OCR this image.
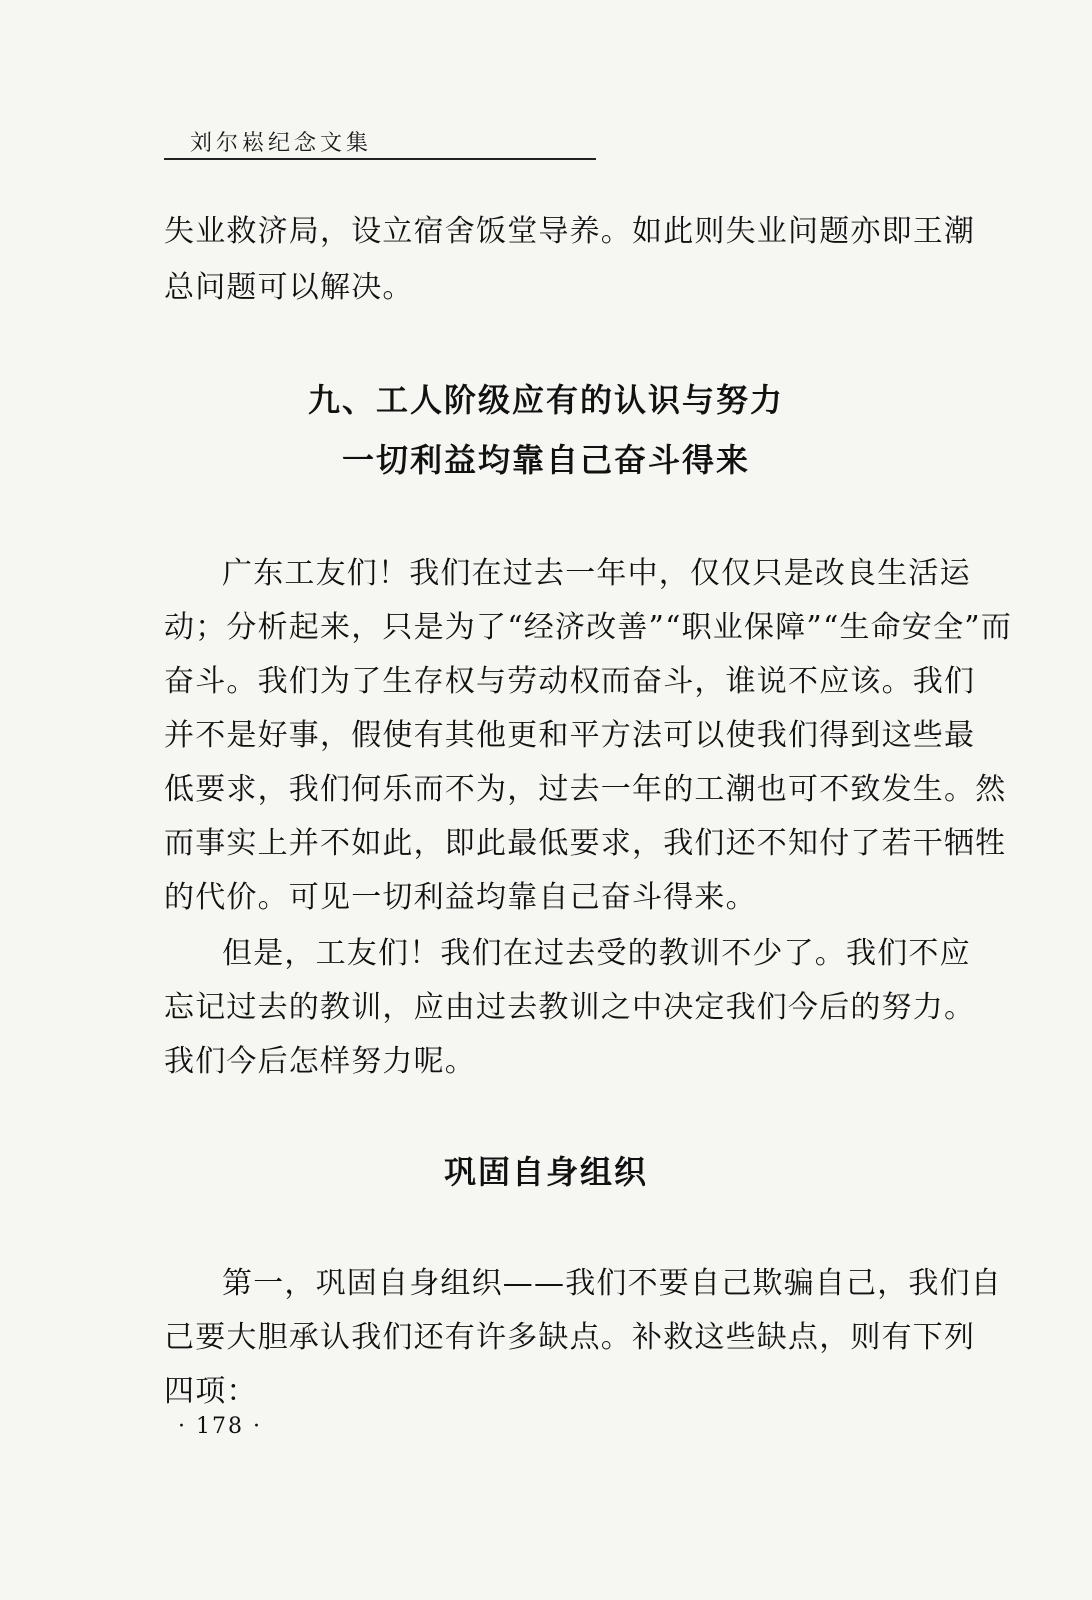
刘尔崧纪念文集
失业救济局，设立宿舍饭堂导养。如此则失业问题亦即王潮
总问题可以解决。
九、工人阶级应有的认识与努力
一切利益均靠自己奋斗得来
广东工友们！我们在过去一年中，仅仅只是改良生活运
动；分析起来，只是为了“经济改善”“职业保障”“生命安全”而
奋斗。我们为了生存权与劳动权而奋斗，谁说不应该。我们
并不是好事，假使有其他更和平方法可以使我们得到这些最
低要求，我们何乐而不为，过去一年的工潮也可不致发生。然
而事实上并不如此，即此最低要求，我们还不知付了若干牺牲
的代价。可见一切利益均靠自己奋斗得来。
但是，工友们！我们在过去受的教训不少了。我们不应
忘记过去的教训，应由过去教训之中决定我们今后的努力。
我们今后怎样努力呢。
巩固自身组织
第一，巩固自身组织——我们不要自己欺骗自己，我们自
己要大胆承认我们还有许多缺点。补救这些缺点，则有下列
四项：
· 178 ·
